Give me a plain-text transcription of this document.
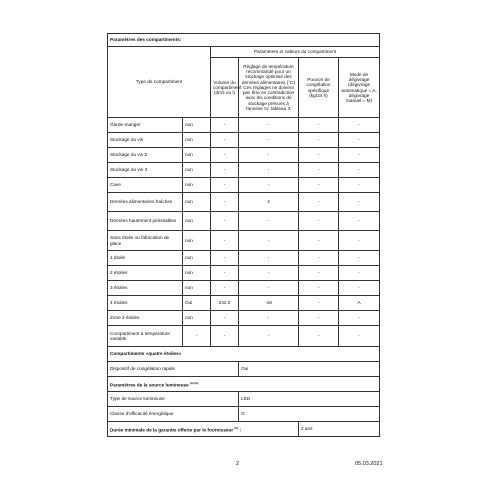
Paramètres des compartiments:					
Type de compartiment		Paramètres et valeurs du compartiment			
		Volume du compartiment (dm3 ou l)	Réglage de température recommandé pour un stockage optimisé des denrées alimentaires (°C) Ces réglages ne doivent pas être en contradiction avec les conditions de stockage prévues à l'annexe IV, tableau 3.	Pouvoir de congélation spécifique (kg/24 h)	Mode de dégivrage (dégivrage automatique = A, dégivrage manuel = M)
Garde-manger	non	-	-	-	-
Stockage du vin	non	-	-	-	-
Stockage du vin 2	non	-	-	-	-
Stockage du vin 3	non	-	-	-	-
Cave	non	-	-	-	-
Denrées alimentaires fraîches	non	-	4	-	-
Denrées hautement périssables	non	-	-	-	-
Sans étoile ou fabrication de glace	non	-	-	-	-
1 étoile	non	-	-	-	-
2 étoiles	non	-	-	-	-
3 étoiles	non	-	-	-	-
4 étoiles	Oui	242.0	-18	-	A
Zone 2 étoiles	non	-	-	-	-
Compartiment à température variable	-	-	-	-	-
Compartiments «quatre étoiles»					
Dispositif de congélation rapide			Oui		
Paramètres de la source lumineuse $^{(a) (b)}$
Type de source lumineuse			LED		
Classe d'efficacité énergétique			G		
Durée minimale de la garantie offerte par le fournisseur $^{(b)}$ :				2 ans	
2	05.03.2021
